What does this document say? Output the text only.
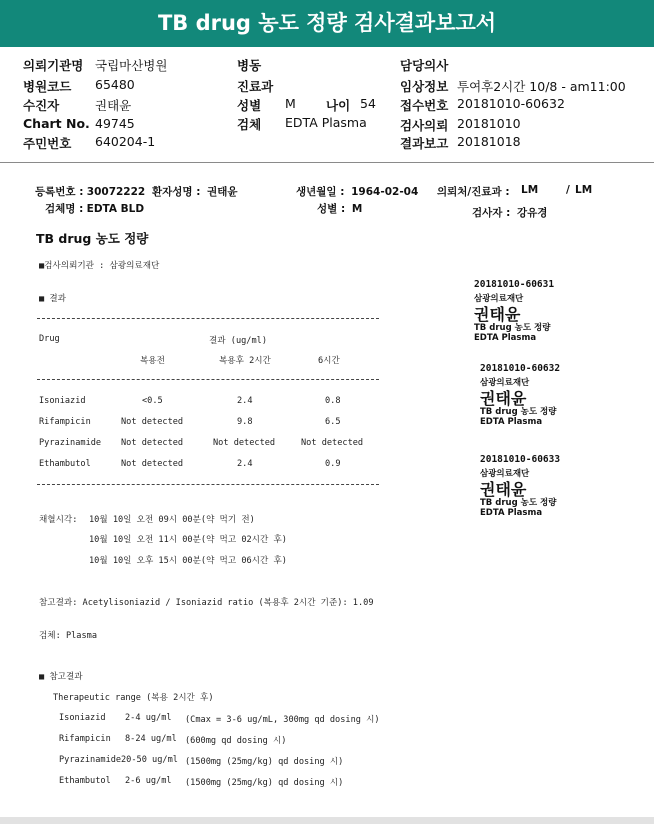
TB drug 농도 정량 검사결과보고서
의뢰기관명 국립마산병원
병원코드 65480
수진자	권태윤
Chart No. 49745
주민번호 640204-1
병동
진료과
성별 M 나이 54
검체 EDTA Plasma
담당의사
임상정보 투여후2시간 10/8 - am11:00
접수번호 20181010-60632
검사의뢰 20181010
결과보고 20181018
등록번호 : 30072222 환자성명 : 권태윤	생년월일 : 1964-02-04 의뢰처/진료과 : LM	/ LM
검체명 : EDTA BLD	성별 : M	검사자 : 강유경
TB drug 농도 정량
■검사의뢰기관 : 삼광의료재단
■ 결과
Drug	결과 (ug/ml)
복용전	복용후 2시간	6시간
Isoniazid	<0.5	2.4	0.8
Rifampicin	Not detected	9.8	6.5
Pyrazinamide Not detected	Not detected	Not detected
Ethambutol	Not detected	2.4	0.9
채혈시각: 10월 10일 오전 09시 00분(약 먹기 전)
10월 10일 오전 11시 00분(약 먹고 02시간 후)
10월 10일 오후 15시 00분(약 먹고 06시간 후)
참고결과: Acetylisoniazid / Isoniazid ratio (복용후 2시간 기준): 1.09
검체: Plasma
■ 참고결과
Therapeutic range (복용 2시간 후)
Isoniazid 2-4 ug/ml (Cmax = 3-6 ug/mL, 300mg qd dosing 시)
Rifampicin 8-24 ug/ml (600mg qd dosing 시)
Pyrazinamide 20-50 ug/ml (1500mg (25mg/kg) qd dosing 시)
Ethambutol 2-6 ug/ml (1500mg (25mg/kg) qd dosing 시)
20181010-60631
삼광의료재단
권태윤
TB drug 농도 정량
EDTA Plasma
20181010-60632
삼광의료재단
권태윤
TB drug 농도 정량
EDTA Plasma
20181010-60633
삼광의료재단
권태윤
TB drug 농도 정량
EDTA Plasma
